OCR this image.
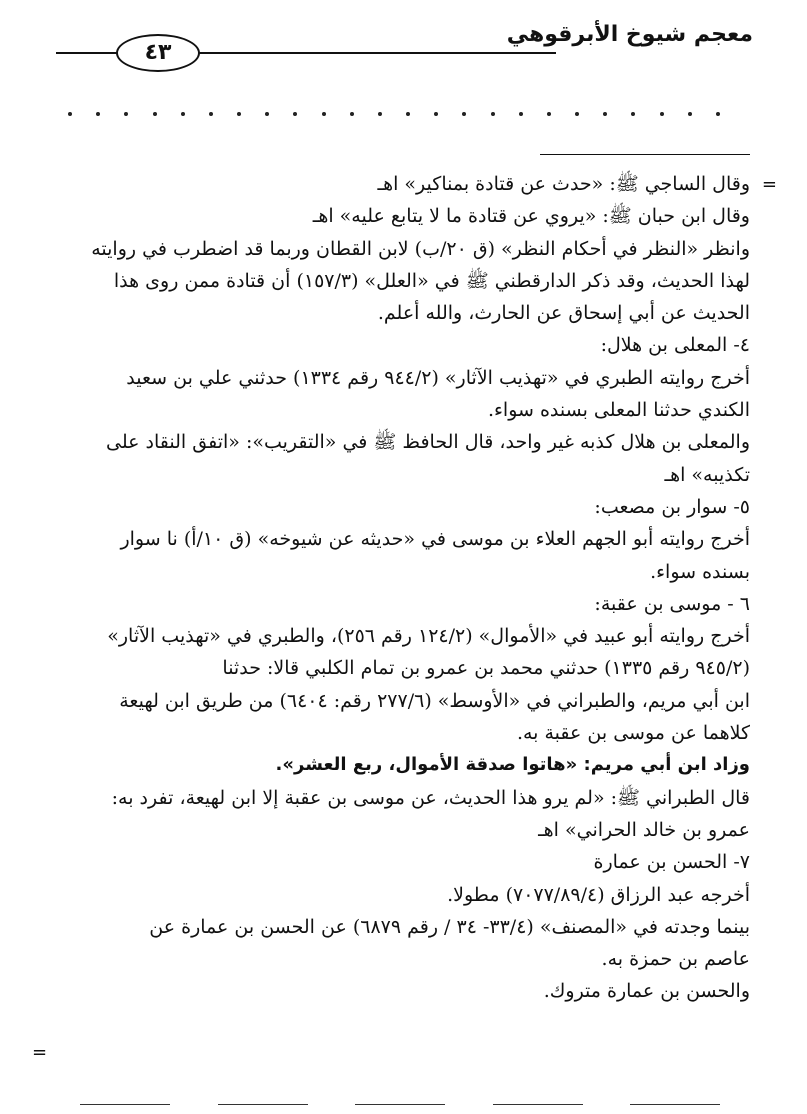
معجم شيوخ الأبرقوهي
٤٣
=
=
وقال الساجي ﷺ: «حدث عن قتادة بمناكير» اهـ
وقال ابن حبان ﷺ: «يروي عن قتادة ما لا يتابع عليه» اهـ
وانظر «النظر في أحكام النظر» (ق ٢٠/ب) لابن القطان وربما قد اضطرب في روايته
لهذا الحديث، وقد ذكر الدارقطني ﷺ في «العلل» (١٥٧/٣) أن قتادة ممن روى هذا
الحديث عن أبي إسحاق عن الحارث، والله أعلم.
٤- المعلى بن هلال:
أخرج روايته الطبري في «تهذيب الآثار» (٩٤٤/٢ رقم ١٣٣٤) حدثني علي بن سعيد
الكندي حدثنا المعلى بسنده سواء.
والمعلى بن هلال كذبه غير واحد، قال الحافظ ﷺ في «التقريب»: «اتفق النقاد على
تكذيبه» اهـ
٥- سوار بن مصعب:
أخرج روايته أبو الجهم العلاء بن موسى في «حديثه عن شيوخه» (ق ١٠/أ) نا سوار
بسنده سواء.
٦ - موسى بن عقبة:
أخرج روايته أبو عبيد في «الأموال» (١٢٤/٢ رقم ٢٥٦)، والطبري في «تهذيب الآثار»
(٩٤٥/٢ رقم ١٣٣٥) حدثني محمد بن عمرو بن تمام الكلبي قالا: حدثنا
ابن أبي مريم، والطبراني في «الأوسط» (٢٧٧/٦ رقم: ٦٤٠٤) من طريق ابن لهيعة
كلاهما عن موسى بن عقبة به.
وزاد ابن أبي مريم: «هاتوا صدقة الأموال، ربع العشر».
قال الطبراني ﷺ: «لم يرو هذا الحديث، عن موسى بن عقبة إلا ابن لهيعة، تفرد به:
عمرو بن خالد الحراني» اهـ
٧- الحسن بن عمارة
أخرجه عبد الرزاق (٧٠٧٧/٨٩/٤) مطولا.
بينما وجدته في «المصنف» (٣٣/٤- ٣٤ / رقم ٦٨٧٩) عن الحسن بن عمارة عن
عاصم بن حمزة به.
والحسن بن عمارة متروك.
